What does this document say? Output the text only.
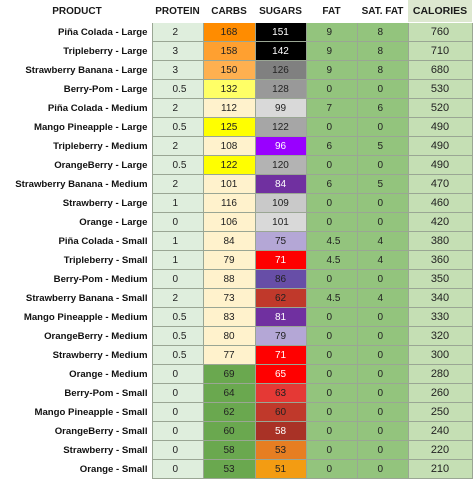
PRODUCT	PROTEIN	CARBS	SUGARS	FAT	SAT. FAT	CALORIES
Piña Colada - Large	2	168	151	9	8	760
Tripleberry - Large	3	158	142	9	8	710
Strawberry Banana - Large	3	150	126	9	8	680
Berry-Pom - Large	0.5	132	128	0	0	530
Piña Colada - Medium	2	112	99	7	6	520
Mango Pineapple - Large	0.5	125	122	0	0	490
Tripleberry - Medium	2	108	96	6	5	490
OrangeBerry - Large	0.5	122	120	0	0	490
Strawberry Banana - Medium	2	101	84	6	5	470
Strawberry - Large	1	116	109	0	0	460
Orange - Large	0	106	101	0	0	420
Piña Colada - Small	1	84	75	4.5	4	380
Tripleberry - Small	1	79	71	4.5	4	360
Berry-Pom - Medium	0	88	86	0	0	350
Strawberry Banana - Small	2	73	62	4.5	4	340
Mango Pineapple - Medium	0.5	83	81	0	0	330
OrangeBerry - Medium	0.5	80	79	0	0	320
Strawberry - Medium	0.5	77	71	0	0	300
Orange - Medium	0	69	65	0	0	280
Berry-Pom - Small	0	64	63	0	0	260
Mango Pineapple - Small	0	62	60	0	0	250
OrangeBerry - Small	0	60	58	0	0	240
Strawberry - Small	0	58	53	0	0	220
Orange - Small	0	53	51	0	0	210
